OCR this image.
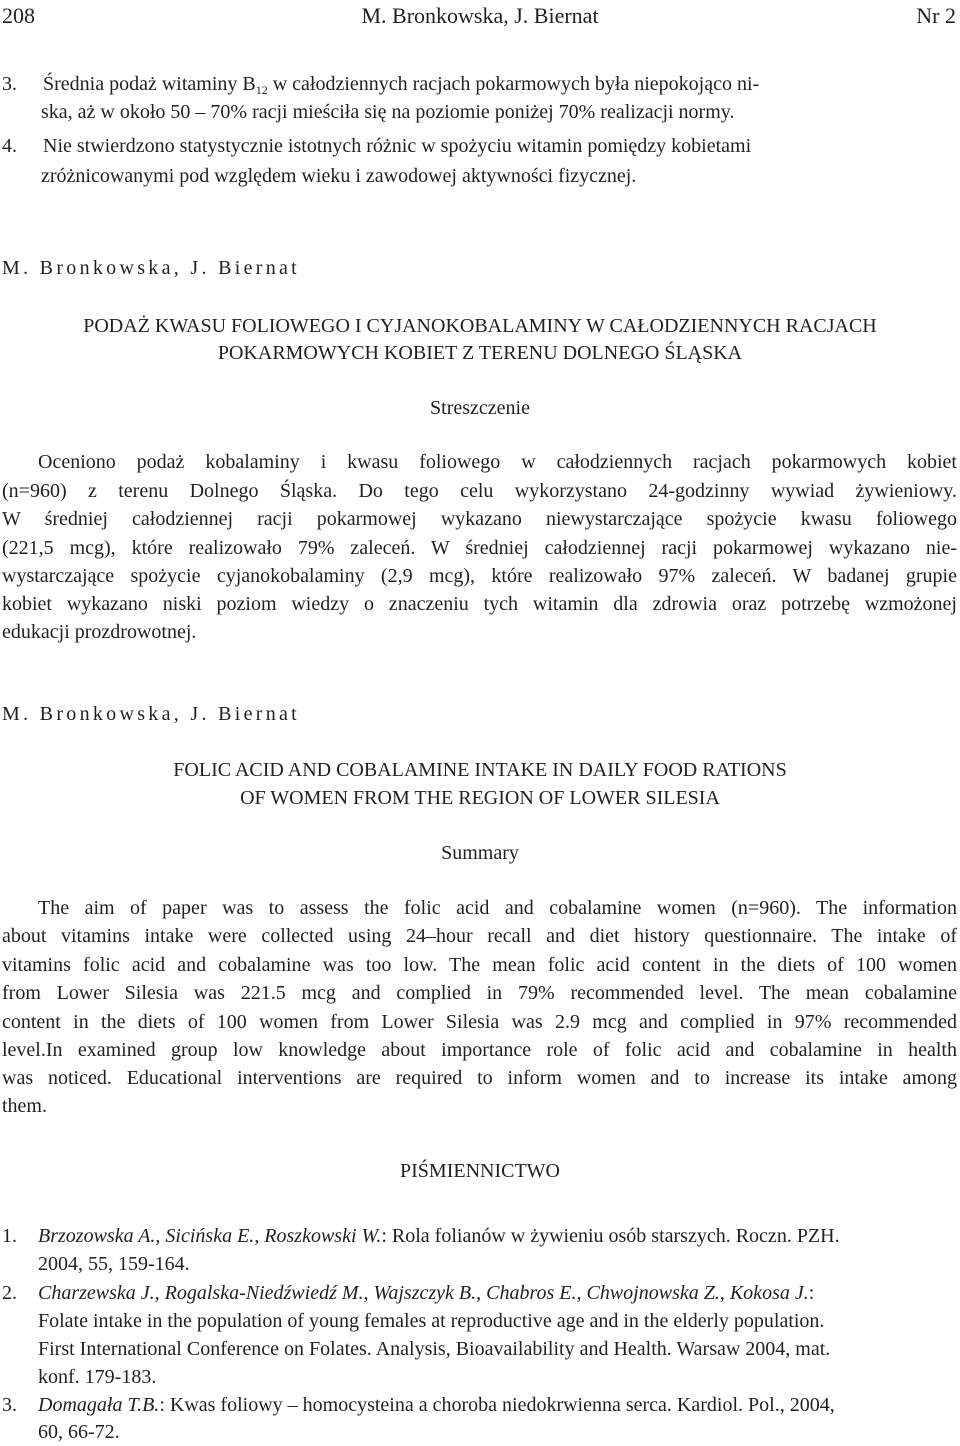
M. Bronkowska, J. Biernat
208	Nr 2
3. Średnia podaż witaminy $B_{12}$ w całodziennych racjach pokarmowych była niepokojąco ni-
ska, aż w około 50 – 70% racji mieściła się na poziomie poniżej 70% realizacji normy.
4. Nie stwierdzono statystycznie istotnych różnic w spożyciu witamin pomiędzy kobietami
zróżnicowanymi pod względem wieku i zawodowej aktywności fizycznej.
M. Bronkowska, J. Biernat
PODAŻ KWASU FOLIOWEGO I CYJANOKOBALAMINY W CAŁODZIENNYCH RACJACH
POKARMOWYCH KOBIET Z TERENU DOLNEGO ŚLĄSKA
Streszczenie
Oceniono podaż kobalaminy i kwasu foliowego w całodziennych racjach pokarmowych kobiet
(n=960) z terenu Dolnego Śląska. Do tego celu wykorzystano 24-godzinny wywiad żywieniowy.
W średniej całodziennej racji pokarmowej wykazano niewystarczające spożycie kwasu foliowego
(221,5 mcg), które realizowało 79% zaleceń. W średniej całodziennej racji pokarmowej wykazano nie-
wystarczające spożycie cyjanokobalaminy (2,9 mcg), które realizowało 97% zaleceń. W badanej grupie
kobiet wykazano niski poziom wiedzy o znaczeniu tych witamin dla zdrowia oraz potrzebę wzmożonej
edukacji prozdrowotnej.
M. Bronkowska, J. Biernat
FOLIC ACID AND COBALAMINE INTAKE IN DAILY FOOD RATIONS
OF WOMEN FROM THE REGION OF LOWER SILESIA
Summary
The aim of paper was to assess the folic acid and cobalamine women (n=960). The information
about vitamins intake were collected using 24–hour recall and diet history questionnaire. The intake of
vitamins folic acid and cobalamine was too low. The mean folic acid content in the diets of 100 women
from Lower Silesia was 221.5 mcg and complied in 79% recommended level. The mean cobalamine
content in the diets of 100 women from Lower Silesia was 2.9 mcg and complied in 97% recommended
level.In examined group low knowledge about importance role of folic acid and cobalamine in health
was noticed. Educational interventions are required to inform women and to increase its intake among
them.
PIŚMIENNICTWO
1. Brzozowska A., Sicińska E., Roszkowski W.: Rola folianów w żywieniu osób starszych. Roczn. PZH.
2004, 55, 159-164.
2. Charzewska J., Rogalska-Niedźwiedź M., Wajszczyk B., Chabros E., Chwojnowska Z., Kokosa J.:
Folate intake in the population of young females at reproductive age and in the elderly population.
First International Conference on Folates. Analysis, Bioavailability and Health. Warsaw 2004, mat.
konf. 179-183.
3. Domagała T.B.: Kwas foliowy – homocysteina a choroba niedokrwienna serca. Kardiol. Pol., 2004,
60, 66-72.
